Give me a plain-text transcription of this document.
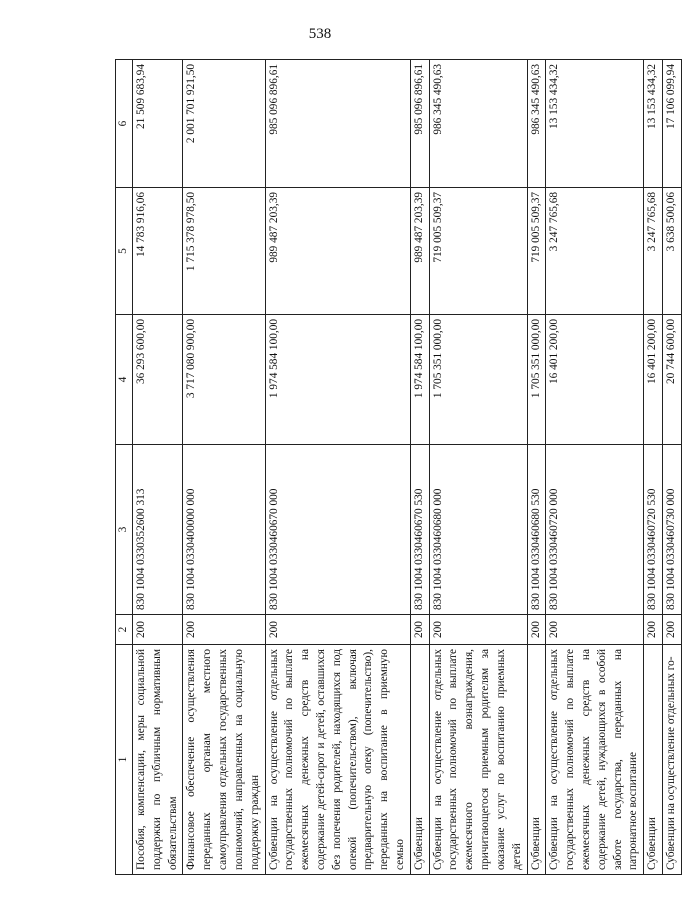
538
1	2	3	4	5	6
Пособия, компенсации, меры социальной поддержки по публичным нормативным обязательствам	200	830 1004 0330352600 313	36 293 600,00	14 783 916,06	21 509 683,94
Финансовое обеспечение осуществления переданных органам местного самоуправления отдельных государственных полномочий, направленных на социальную поддержку граждан	200	830 1004 0330400000 000	3 717 080 900,00	1 715 378 978,50	2 001 701 921,50
Субвенции на осуществление отдельных государственных полномочий по выплате ежемесячных денежных средств на содержание детей-сирот и детей, оставшихся без попечения родителей, находящихся под опекой (попечительством), включая предварительную опеку (попечительство), переданных на воспитание в приемную семью	200	830 1004 0330460670 000	1 974 584 100,00	989 487 203,39	985 096 896,61
Субвенции	200	830 1004 0330460670 530	1 974 584 100,00	989 487 203,39	985 096 896,61
Субвенции на осуществление отдельных государственных полномочий по выплате ежемесячного вознаграждения, причитающегося приемным родителям за оказание услуг по воспитанию приемных детей	200	830 1004 0330460680 000	1 705 351 000,00	719 005 509,37	986 345 490,63
Субвенции	200	830 1004 0330460680 530	1 705 351 000,00	719 005 509,37	986 345 490,63
Субвенции на осуществление отдельных государственных полномочий по выплате ежемесячных денежных средств на содержание детей, нуждающихся в особой заботе государства, переданных на патронатное воспитание	200	830 1004 0330460720 000	16 401 200,00	3 247 765,68	13 153 434,32
Субвенции	200	830 1004 0330460720 530	16 401 200,00	3 247 765,68	13 153 434,32
Субвенции на осуществление отдельных го-	200	830 1004 0330460730 000	20 744 600,00	3 638 500,06	17 106 099,94
